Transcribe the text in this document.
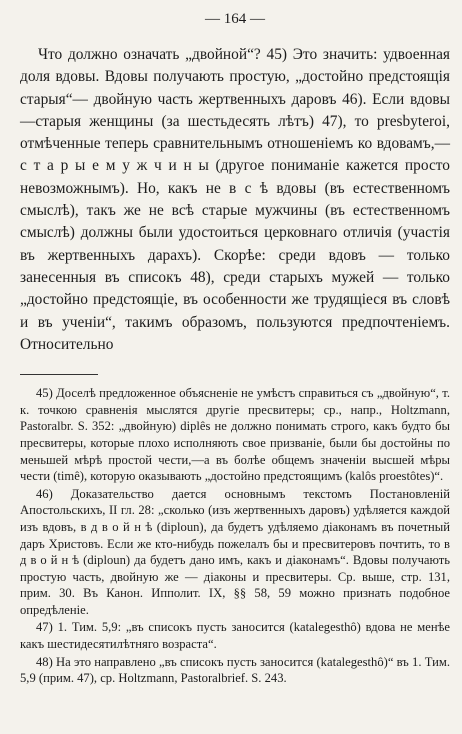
— 164 —

Что должно означать „двойной“? 45) Это значить: удвоенная доля вдовы. Вдовы получають простую, „достойно предстоящія старыя“— двойную часть жертвенныхъ даровъ 46). Если вдовы—старыя женщины (за шестьдесять лѣтъ) 47), то presbyteroi, отмѣченные теперь сравнительнымъ отношеніемъ ко вдовамъ,—с т а р ы е м у ж ч и н ы (другое пониманіе кажется просто невозможнымъ). Но, какъ не в с ѣ вдовы (въ естественномъ смыслѣ), такъ же не всѣ старые мужчины (въ естественномъ смыслѣ) должны были удостоиться церковнаго отличія (участія въ жертвенныхъ дарахъ). Скорѣе: среди вдовъ — только занесенныя въ списокъ 48), среди старыхъ мужей — только „достойно предстоящіе, въ особенности же трудящіеся въ словѣ и въ ученіи“, такимъ образомъ, пользуются предпочтеніемъ. Относительно

45) Доселѣ предложенное объясненіе не умѣстъ справиться съ „двойную“, т. к. точкою сравненія мыслятся другіе пресвитеры; ср., напр., Holtzmann, Pastoralbr. S. 352: „двойную) diplês не должно понимать строго, какъ будто бы пресвитеры, которые плохо исполняють свое призваніе, были бы достойны по меньшей мѣрѣ простой чести,—а въ болѣе общемъ значеніи высшей мѣры чести (timê), которую оказывають „достойно предстоящимъ (kalôs proestôtes)“.

46) Доказательство дается основнымъ текстомъ Постановленій Апостольскихъ, II гл. 28: „сколько (изъ жертвенныхъ даровъ) удѣляется каждой изъ вдовъ, в д в о й н ѣ (diploun), да будетъ удѣляемо діаконамъ въ почетный даръ Христовъ. Если же кто-нибудь пожелалъ бы и пресвитеровъ почтить, то в д в о й н ѣ (diploun) да будетъ дано имъ, какъ и діаконамъ“. Вдовы получають простую часть, двойную же — діаконы и пресвитеры. Ср. выше, стр. 131, прим. 30. Въ Канон. Ипполит. IX, §§ 58, 59 можно признать подобное опредѣленіе.

47) 1. Тим. 5,9: „въ списокъ пусть заносится (katalegesthô) вдова не менѣе какъ шестидесятилѣтняго возраста“.

48) На это направлено „въ списокъ пусть заносится (katalegesthô)“ въ 1. Тим. 5,9 (прим. 47), ср. Holtzmann, Pastoralbrief. S. 243.
